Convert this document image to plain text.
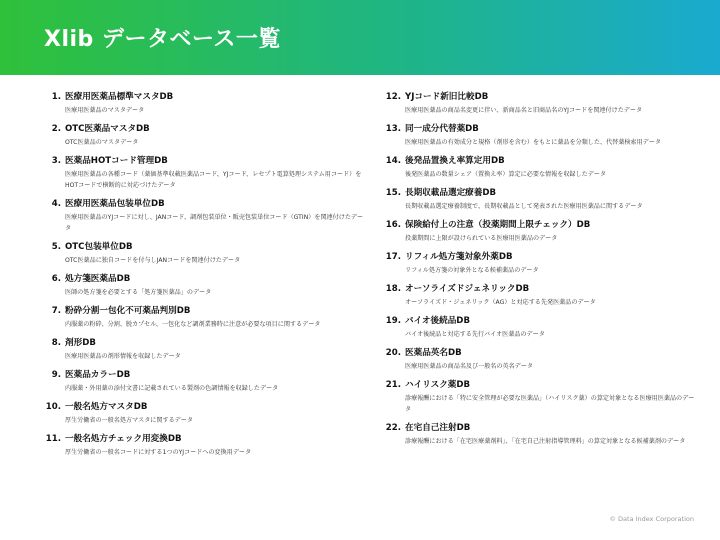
Xlib データベース一覧
1. 医療用医薬品標準マスタDB
医療用医薬品のマスタデータ
2. OTC医薬品マスタDB
OTC医薬品のマスタデータ
3. 医薬品HOTコード管理DB
医療用医薬品の各種コード（薬価基準収載医薬品コード、YJコード、レセプト電算処理システム用コード）をHOTコードで横断的に対応づけたデータ
4. 医療用医薬品包装単位DB
医療用医薬品のYJコードに対し、JANコード、調剤包装単位・販売包装単位コード（GTIN）を関連付けたデータ
5. OTC包装単位DB
OTC医薬品に独自コードを付与しJANコードを関連付けたデータ
6. 処方箋医薬品DB
医師の処方箋を必要とする「処方箋医薬品」のデータ
7. 粉砕分割一包化不可薬品判別DB
内服薬の粉砕、分割、脱カプセル、一包化など調剤業務時に注意が必要な項目に関するデータ
8. 剤形DB
医療用医薬品の剤形情報を収録したデータ
9. 医薬品カラーDB
内服薬・外用薬の添付文書に記載されている製剤の色調情報を収録したデータ
10. 一般名処方マスタDB
厚生労働省の一般名処方マスタに関するデータ
11. 一般名処方チェック用変換DB
厚生労働省の一般名コードに対する1つのYJコードへの変換用データ
12. YJコード新旧比較DB
医療用医薬品の商品名変更に伴い、新商品名と旧商品名のYJコードを関連付けたデータ
13. 同一成分代替薬DB
医療用医薬品の有効成分と規格（剤形を含む）をもとに薬品を分類した、代替薬検索用データ
14. 後発品置換え率算定用DB
後発医薬品の数量シェア（置換え率）算定に必要な情報を収録したデータ
15. 長期収載品選定療養DB
長期収載品選定療養制度で、長期収載品として発表された医療用医薬品に関するデータ
16. 保険給付上の注意（投薬期間上限チェック）DB
投薬期間に上限が設けられている医療用医薬品のデータ
17. リフィル処方箋対象外薬DB
リフィル処方箋の対象外となる候補薬品のデータ
18. オーソライズドジェネリックDB
オーソライズド・ジェネリック（AG）と対応する先発医薬品のデータ
19. バイオ後続品DB
バイオ後続品と対応する先行バイオ医薬品のデータ
20. 医薬品英名DB
医療用医薬品の商品名及び一般名の英名データ
21. ハイリスク薬DB
診療報酬における「特に安全管理が必要な医薬品」（ハイリスク薬）の算定対象となる医療用医薬品のデータ
22. 在宅自己注射DB
診療報酬における「在宅医療薬剤料」、「在宅自己注射指導管理料」の算定対象となる候補薬剤のデータ
© Data Index Corporation
